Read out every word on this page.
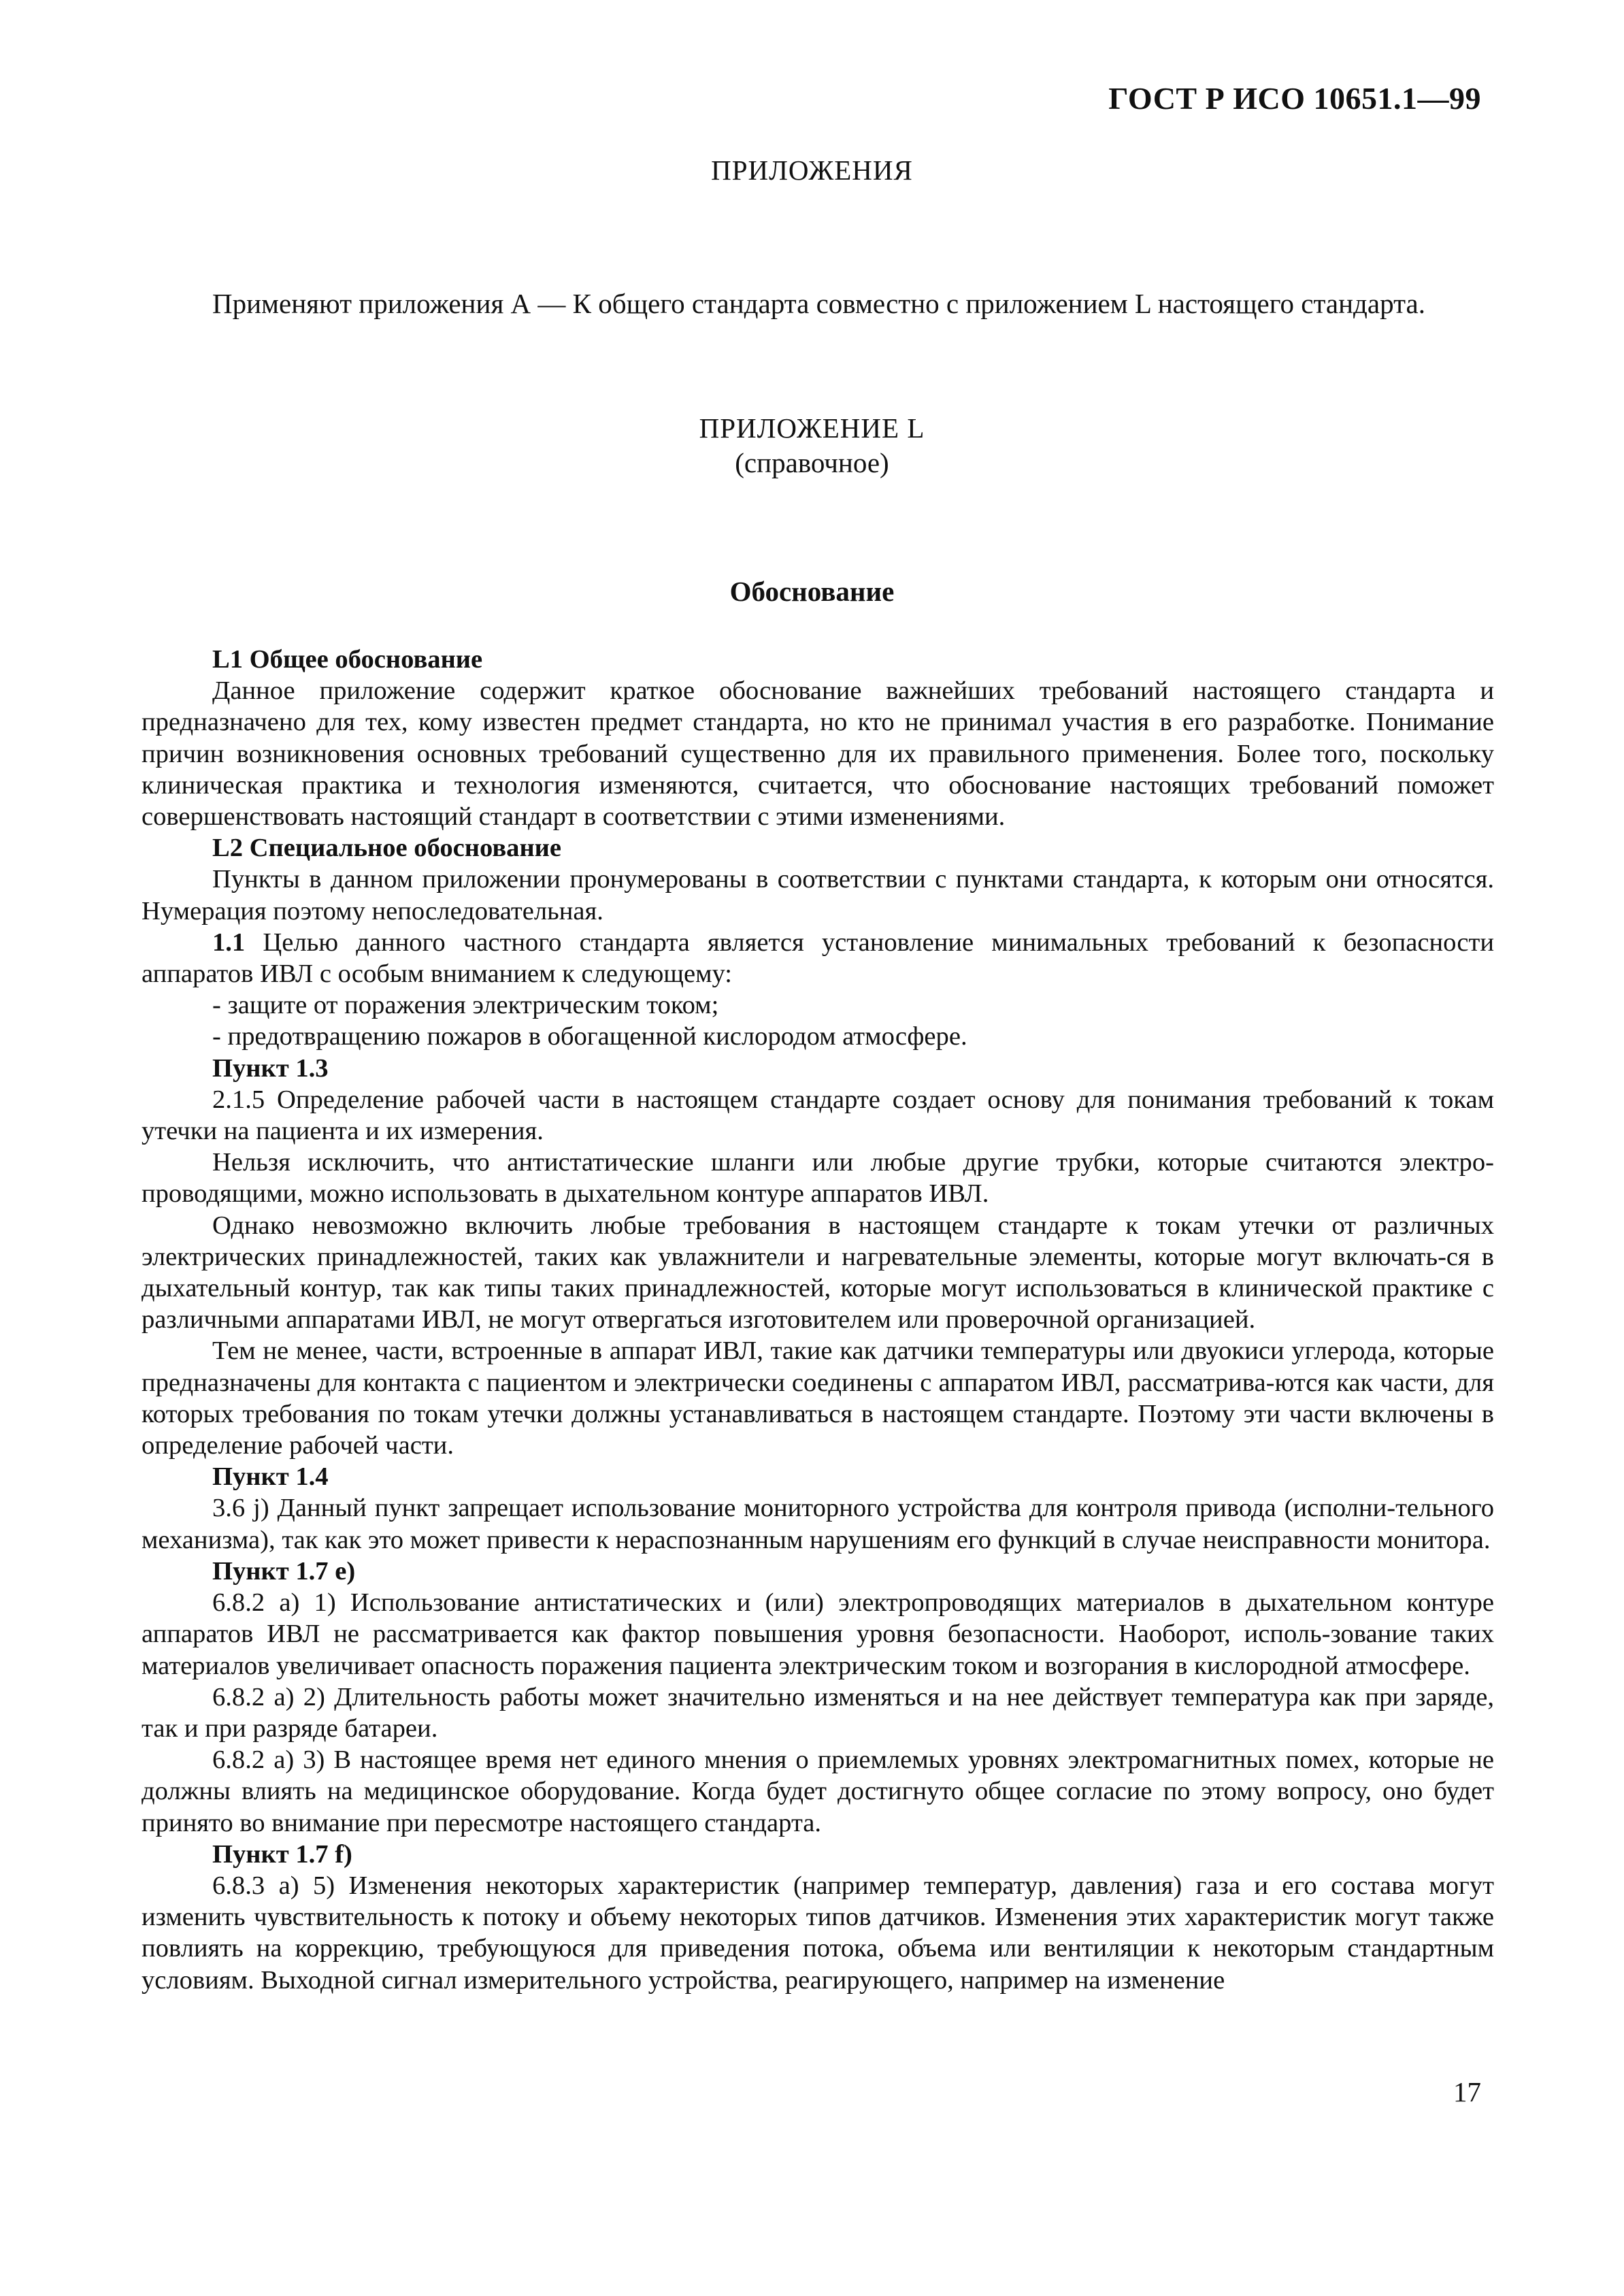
ГОСТ Р ИСО 10651.1—99
ПРИЛОЖЕНИЯ
Применяют приложения А — К общего стандарта совместно с приложением L настоящего стандарта.
ПРИЛОЖЕНИЕ L
(справочное)
Обоснование

L1 Общее обоснование

Данное приложение содержит краткое обоснование важнейших требований настоящего стандарта и предназначено для тех, кому известен предмет стандарта, но кто не принимал участия в его разработке. Понимание причин возникновения основных требований существенно для их правильного применения. Более того, поскольку клиническая практика и технология изменяются, считается, что обоснование настоящих требований поможет совершенствовать настоящий стандарт в соответствии с этими изменениями.

L2 Специальное обоснование

Пункты в данном приложении пронумерованы в соответствии с пунктами стандарта, к которым они относятся. Нумерация поэтому непоследовательная.

1.1 Целью данного частного стандарта является установление минимальных требований к безопасности аппаратов ИВЛ с особым вниманием к следующему:

- защите от поражения электрическим током;

- предотвращению пожаров в обогащенной кислородом атмосфере.

Пункт 1.3

2.1.5 Определение рабочей части в настоящем стандарте создает основу для понимания требований к токам утечки на пациента и их измерения.

Нельзя исключить, что антистатические шланги или любые другие трубки, которые считаются электро-проводящими, можно использовать в дыхательном контуре аппаратов ИВЛ.

Однако невозможно включить любые требования в настоящем стандарте к токам утечки от различных электрических принадлежностей, таких как увлажнители и нагревательные элементы, которые могут включать-ся в дыхательный контур, так как типы таких принадлежностей, которые могут использоваться в клинической практике с различными аппаратами ИВЛ, не могут отвергаться изготовителем или проверочной организацией.

Тем не менее, части, встроенные в аппарат ИВЛ, такие как датчики температуры или двуокиси углерода, которые предназначены для контакта с пациентом и электрически соединены с аппаратом ИВЛ, рассматрива-ются как части, для которых требования по токам утечки должны устанавливаться в настоящем стандарте. Поэтому эти части включены в определение рабочей части.

Пункт 1.4

3.6 j) Данный пункт запрещает использование мониторного устройства для контроля привода (исполни-тельного механизма), так как это может привести к нераспознанным нарушениям его функций в случае неисправности монитора.

Пункт 1.7 е)

6.8.2 а) 1) Использование антистатических и (или) электропроводящих материалов в дыхательном контуре аппаратов ИВЛ не рассматривается как фактор повышения уровня безопасности. Наоборот, исполь-зование таких материалов увеличивает опасность поражения пациента электрическим током и возгорания в кислородной атмосфере.

6.8.2 а) 2) Длительность работы может значительно изменяться и на нее действует температура как при заряде, так и при разряде батареи.

6.8.2 а) 3) В настоящее время нет единого мнения о приемлемых уровнях электромагнитных помех, которые не должны влиять на медицинское оборудование. Когда будет достигнуто общее согласие по этому вопросу, оно будет принято во внимание при пересмотре настоящего стандарта.

Пункт 1.7 f)

6.8.3 а) 5) Изменения некоторых характеристик (например температур, давления) газа и его состава могут изменить чувствительность к потоку и объему некоторых типов датчиков. Изменения этих характеристик могут также повлиять на коррекцию, требующуюся для приведения потока, объема или вентиляции к некоторым стандартным условиям. Выходной сигнал измерительного устройства, реагирующего, например на изменение

17
